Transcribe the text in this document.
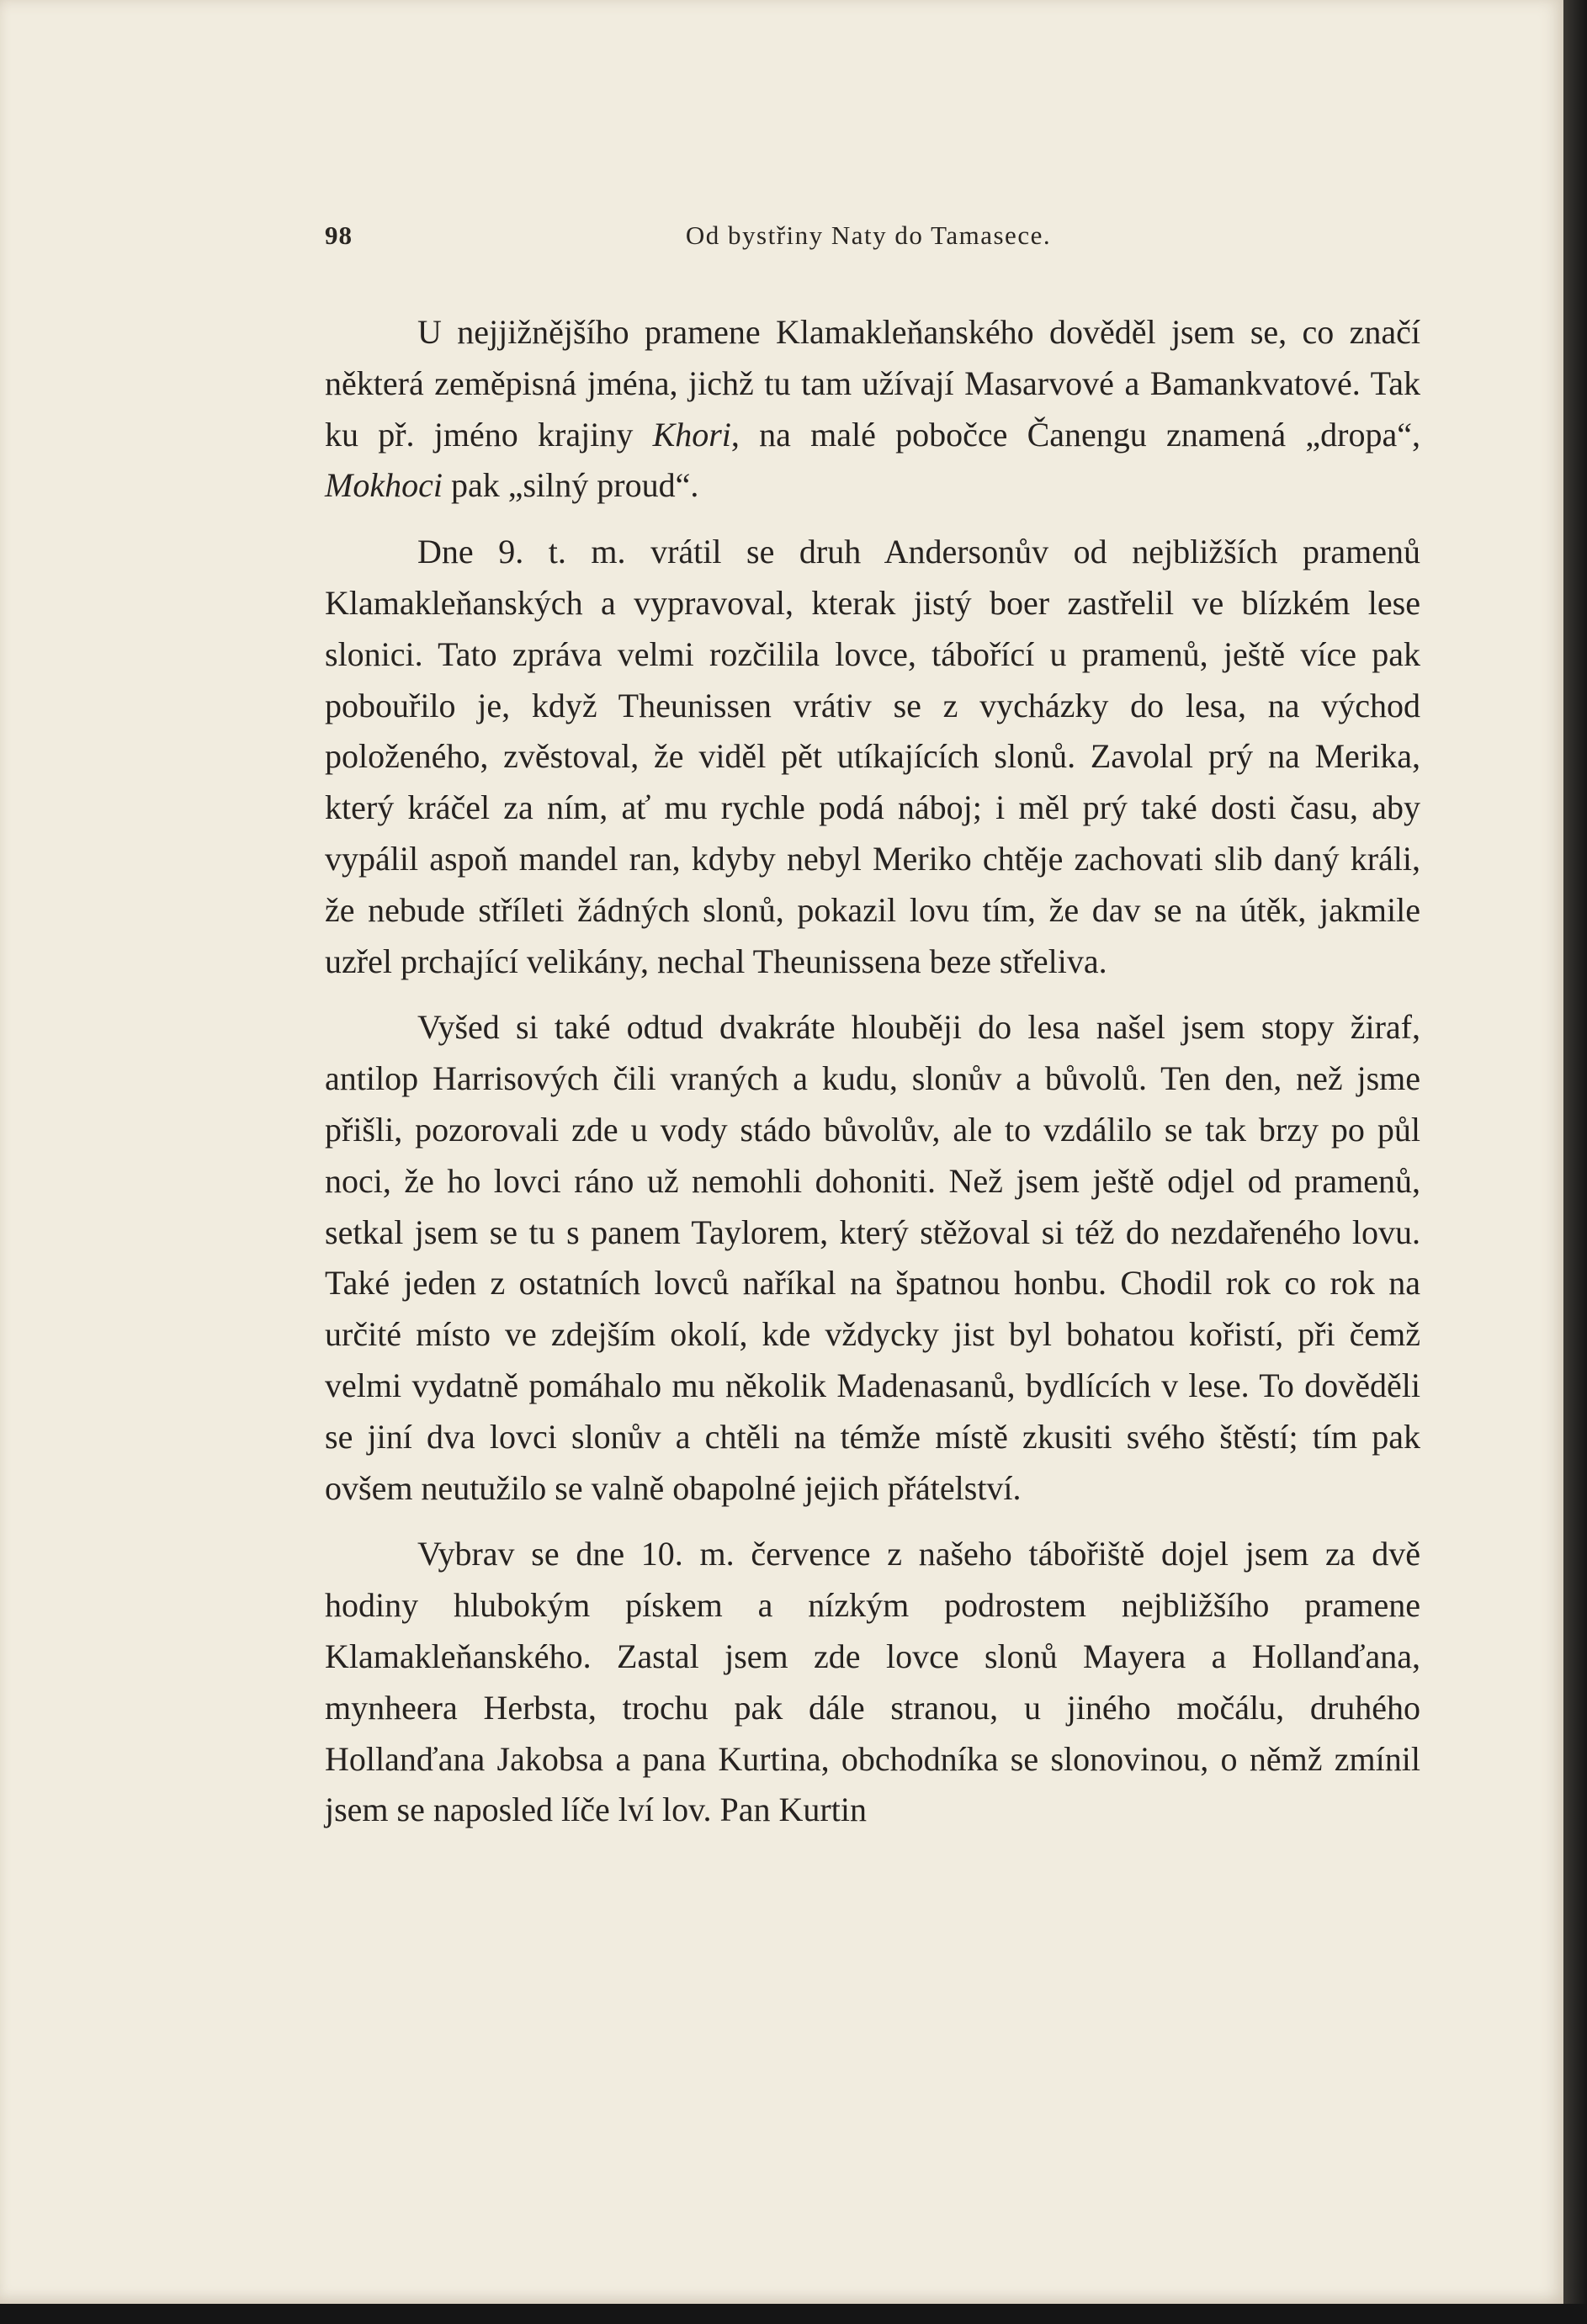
98	Od bystřiny Naty do Tamasece.

U nejjižnějšího pramene Klamakleňanského dověděl jsem se, co značí některá zeměpisná jména, jichž tu tam užívají Masarvové a Bamankvatové. Tak ku př. jméno krajiny Khori, na malé pobočce Čanengu znamená „dropa“, Mokhoci pak „silný proud“.

Dne 9. t. m. vrátil se druh Andersonův od nejbližších pramenů Klamakleňanských a vypravoval, kterak jistý boer zastřelil ve blízkém lese slonici. Tato zpráva velmi rozčilila lovce, tábořící u pramenů, ještě více pak pobouřilo je, když Theunissen vrátiv se z vycházky do lesa, na východ položeného, zvěstoval, že viděl pět utíkajících slonů. Zavolal prý na Merika, který kráčel za ním, ať mu rychle podá náboj; i měl prý také dosti času, aby vypálil aspoň mandel ran, kdyby nebyl Meriko chtěje zachovati slib daný králi, že nebude stříleti žádných slonů, pokazil lovu tím, že dav se na útěk, jakmile uzřel prchající velikány, nechal Theunissena beze střeliva.

Vyšed si také odtud dvakráte hlouběji do lesa našel jsem stopy žiraf, antilop Harrisových čili vraných a kudu, slonův a bůvolů. Ten den, než jsme přišli, pozorovali zde u vody stádo bůvolův, ale to vzdálilo se tak brzy po půl noci, že ho lovci ráno už nemohli dohoniti. Než jsem ještě odjel od pramenů, setkal jsem se tu s panem Taylorem, který stěžoval si též do nezdařeného lovu. Také jeden z ostatních lovců naříkal na špatnou honbu. Chodil rok co rok na určité místo ve zdejším okolí, kde vždycky jist byl bohatou kořistí, při čemž velmi vydatně pomáhalo mu několik Madenasanů, bydlících v lese. To dověděli se jiní dva lovci slonův a chtěli na témže místě zkusiti svého štěstí; tím pak ovšem neutužilo se valně obapolné jejich přátelství.

Vybrav se dne 10. m. července z našeho tábořiště dojel jsem za dvě hodiny hlubokým pískem a nízkým podrostem nejbližšího pramene Klamakleňanského. Zastal jsem zde lovce slonů Mayera a Hollanďana, mynheera Herbsta, trochu pak dále stranou, u jiného močálu, druhého Hollanďana Jakobsa a pana Kurtina, obchodníka se slonovinou, o němž zmínil jsem se naposled líče lví lov. Pan Kurtin
